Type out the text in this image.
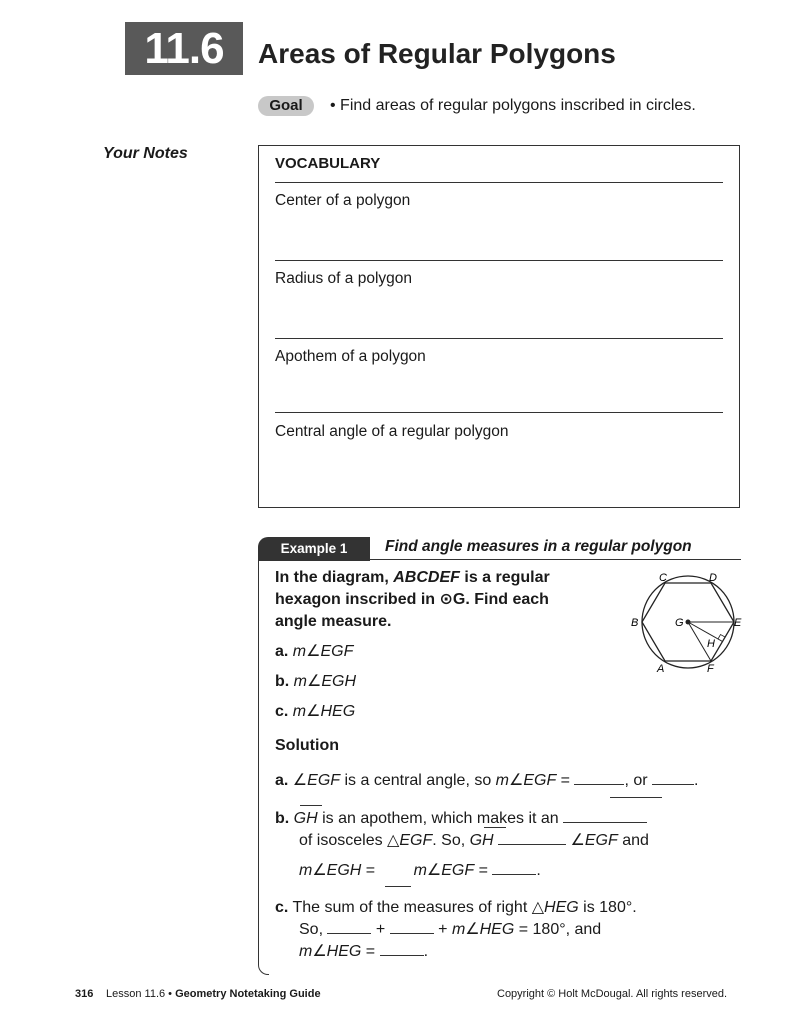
11.6	Areas of Regular Polygons
Goal	• Find areas of regular polygons inscribed in circles.
Your Notes
VOCABULARY
Center of a polygon
Radius of a polygon
Apothem of a polygon
Central angle of a regular polygon
Example 1	Find angle measures in a regular polygon
In the diagram, ABCDEF is a regular hexagon inscribed in ⊙G. Find each angle measure.
a. m∠EGF
b. m∠EGH
c. m∠HEG
C	D
B	G	E
H
A	F
Solution
a. ∠EGF is a central angle, so m∠EGF =	, or	.
b. GH is an apothem, which makes it an
of isosceles △EGF. So, GH	∠EGF and
m∠EGH = m∠EGF =	.
c. The sum of the measures of right △HEG is 180°.
So,	+	+ m∠HEG = 180°, and
m∠HEG =	.
316 Lesson 11.6 • Geometry Notetaking Guide	Copyright © Holt McDougal. All rights reserved.
